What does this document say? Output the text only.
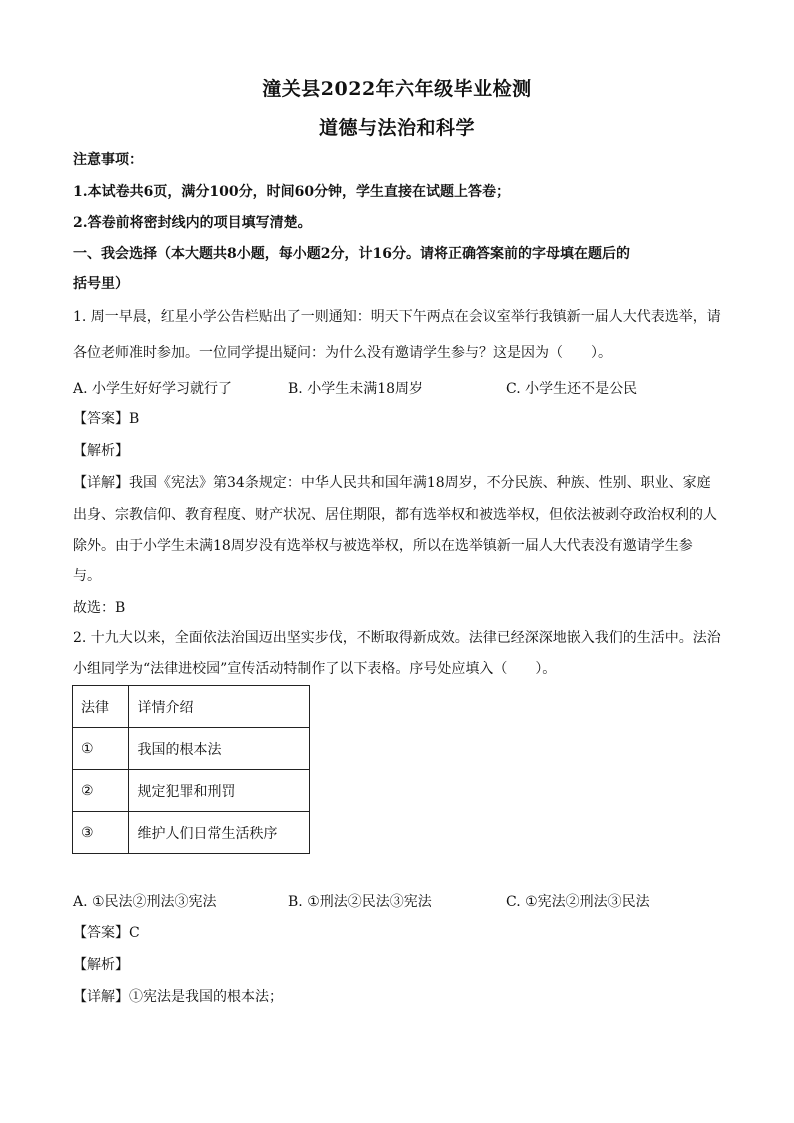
潼关县2022年六年级毕业检测
道德与法治和科学
注意事项：
1.本试卷共6页，满分100分，时间60分钟，学生直接在试题上答卷；
2.答卷前将密封线内的项目填写清楚。
一、我会选择（本大题共8小题，每小题2分，计16分。请将正确答案前的字母填在题后的
括号里）
1. 周一早晨，红星小学公告栏贴出了一则通知：明天下午两点在会议室举行我镇新一届人大代表选举，请
各位老师准时参加。一位同学提出疑问：为什么没有邀请学生参与？这是因为（　　）。
A. 小学生好好学习就行了	B. 小学生未满18周岁	C. 小学生还不是公民
【答案】B
【解析】
【详解】我国《宪法》第34条规定：中华人民共和国年满18周岁，不分民族、种族、性别、职业、家庭
出身、宗教信仰、教育程度、财产状况、居住期限，都有选举权和被选举权，但依法被剥夺政治权利的人
除外。由于小学生未满18周岁没有选举权与被选举权，所以在选举镇新一届人大代表没有邀请学生参
与。
故选：B
2. 十九大以来，全面依法治国迈出坚实步伐，不断取得新成效。法律已经深深地嵌入我们的生活中。法治
小组同学为“法律进校园”宣传活动特制作了以下表格。序号处应填入（　　）。
法律	详情介绍
①	我国的根本法
②	规定犯罪和刑罚
③	维护人们日常生活秩序
A. ①民法②刑法③宪法	B. ①刑法②民法③宪法	C. ①宪法②刑法③民法
【答案】C
【解析】
【详解】①宪法是我国的根本法；
